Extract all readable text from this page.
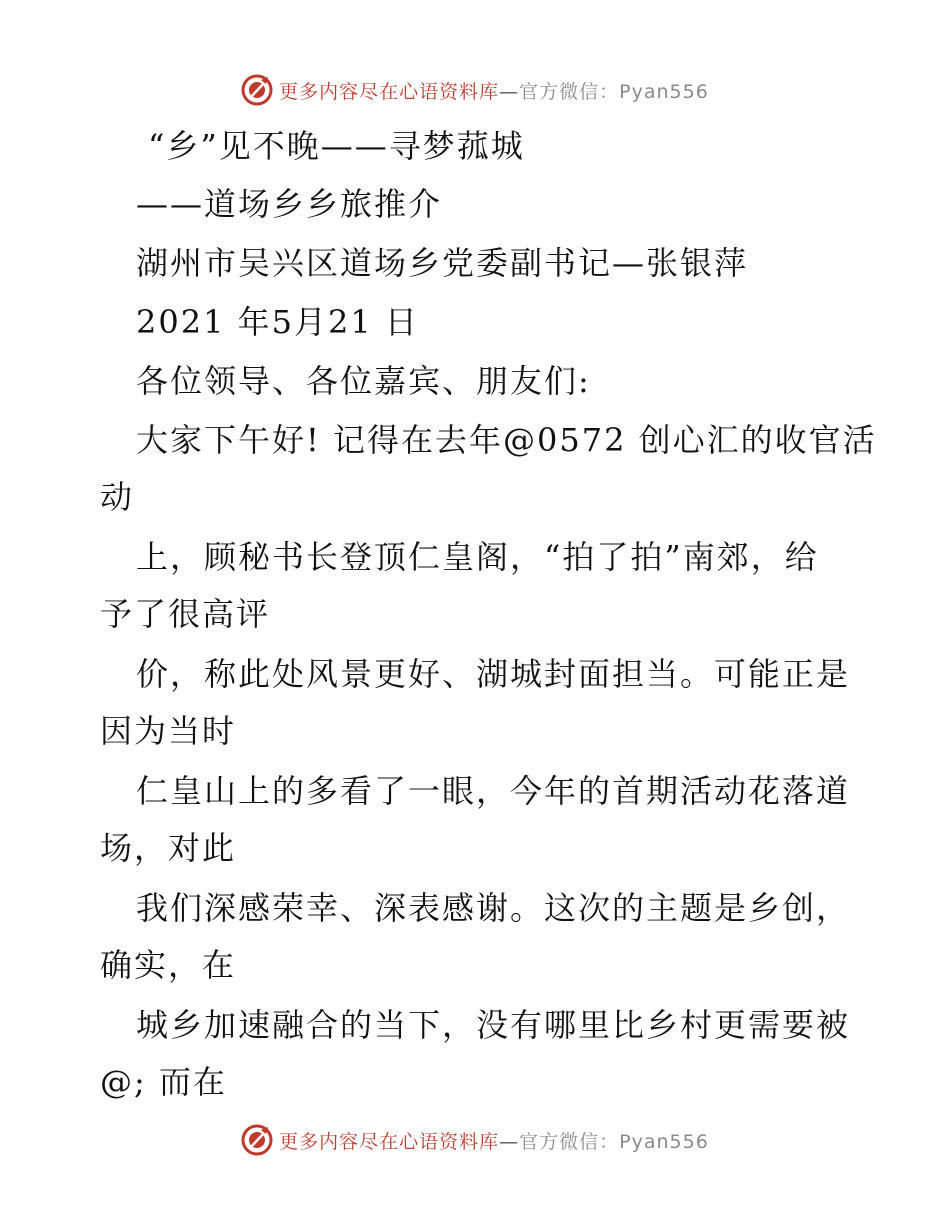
更多内容尽在心语资料库—官方微信：Pyan556
“乡”见不晚——寻梦菰城
——道场乡乡旅推介
湖州市吴兴区道场乡党委副书记—张银萍
2021 年5月21 日
各位领导、各位嘉宾、朋友们:
大家下午好! 记得在去年@0572 创心汇的收官活
动
上，顾秘书长登顶仁皇阁，“拍了拍”南郊，给
予了很高评
价，称此处风景更好、湖城封面担当。可能正是
因为当时
仁皇山上的多看了一眼，今年的首期活动花落道
场，对此
我们深感荣幸、深表感谢。这次的主题是乡创，
确实，在
城乡加速融合的当下，没有哪里比乡村更需要被
@; 而在
更多内容尽在心语资料库—官方微信：Pyan556
